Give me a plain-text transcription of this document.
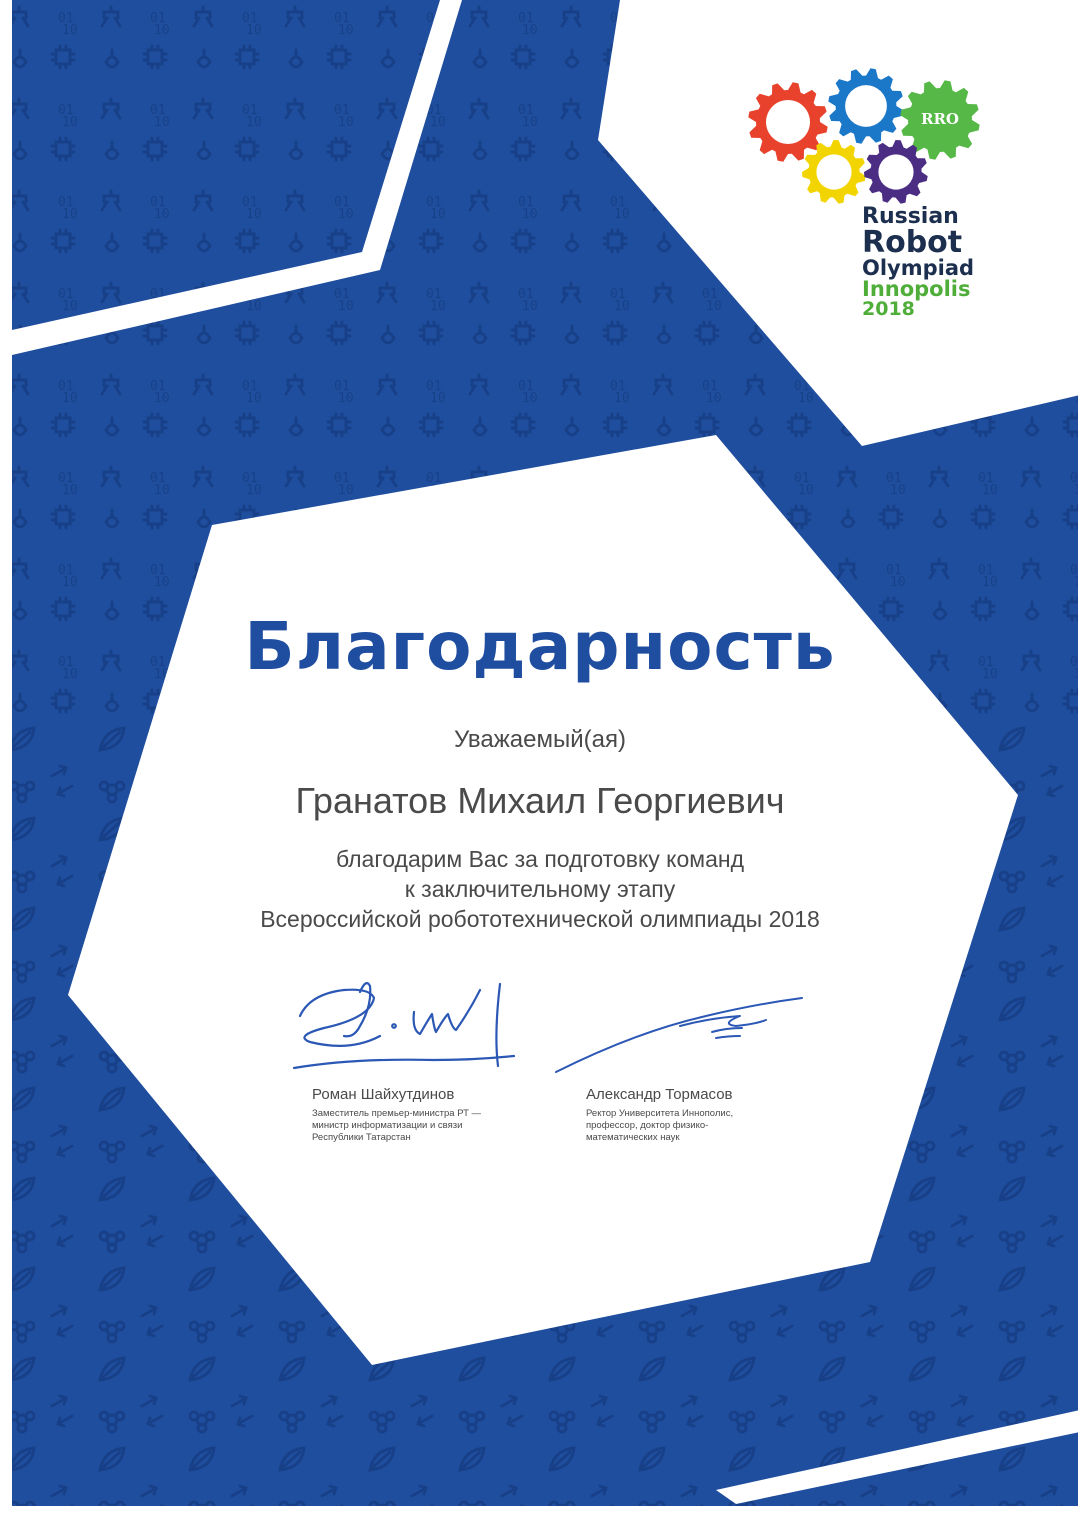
RRO
Russian
Robot
Olympiad
Innopolis
2018
Благодарность
Уважаемый(ая)
Гранатов Михаил Георгиевич
благодарим Вас за подготовку команд
к заключительному этапу
Всероссийской робототехнической олимпиады 2018
Роман Шайхутдинов
Заместитель премьер-министра РТ —
министр информатизации и связи
Республики Татарстан
Александр Тормасов
Ректор Университета Иннополис,
профессор, доктор физико-
математических наук
